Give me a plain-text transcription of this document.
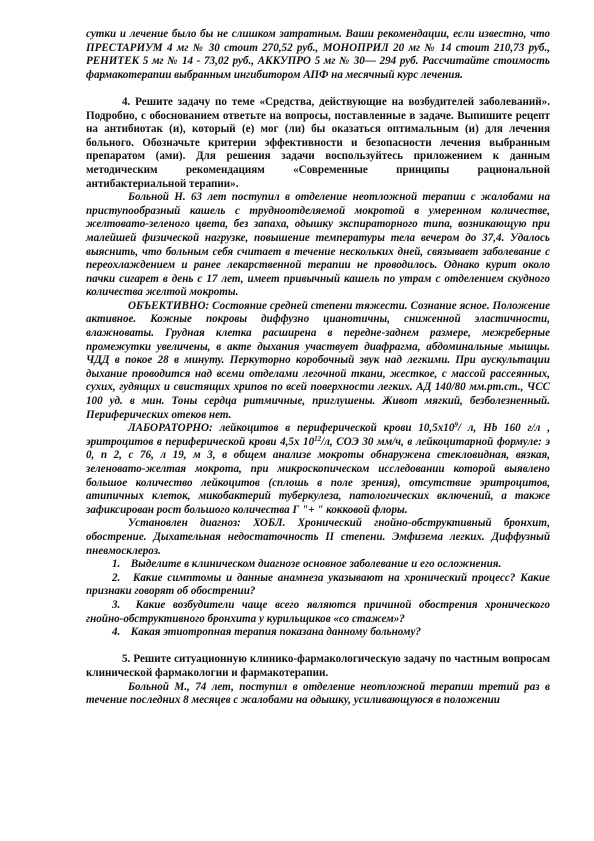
сутки и лечение было бы не слишком затратным. Ваши рекомендации, если известно, что ПРЕСТАРИУМ 4 мг № 30 стоит 270,52 руб., МОНОПРИЛ 20 мг № 14 стоит 210,73 руб., РЕНИТЕК 5 мг № 14 - 73,02 руб., АККУПРО 5 мг № 30— 294 руб. Рассчитайте стоимость фармакотерапии выбранным ингибитором АПФ на месячный курс лечения.

4. Решите задачу по теме «Средства, действующие на возбудителей заболеваний». Подробно, с обоснованием ответьте на вопросы, поставленные в задаче. Выпишите рецепт на антибиотак (и), который (е) мог (ли) бы оказаться оптимальным (и) для лечения больного. Обозначьте критерии эффективности и безопасности лечения выбранным препаратом (ами). Для решения задачи воспользуйтесь приложением к данным методическим рекомендациям «Современные принципы рациональной антибактериальной терапии».

Больной Н. 63 лет поступил в отделение неотложной терапии с жалобами на приступообразный кашель с трудноотделяемой мокротой в умеренном количестве, желтовато-зеленого цвета, без запаха, одышку экспираторного типа, возникающую при малейшей физической нагрузке, повышение температуры тела вечером до 37,4. Удалось выяснить, что больным себя считает в течение нескольких дней, связывает заболевание с переохлаждением и ранее лекарственной терапии не проводилось. Однако курит около пачки сигарет в день с 17 лет, имеет привычный кашель по утрам с отделением скудного количества желтой мокроты.

ОБЪЕКТИВНО: Состояние средней степени тяжести. Сознание ясное. Положение активное. Кожные покровы диффузно цианотичны, сниженной эластичности, влажноваты. Грудная клетка расширена в передне-заднем размере, межреберные промежутки увеличены, в акте дыхания участвует диафрагма, абдоминальные мышцы. ЧДД в покое 28 в минуту. Перкуторно коробочный звук над легкими. При аускультации дыхание проводится над всеми отделами легочной ткани, жесткое, с массой рассеянных, сухих, гудящих и свистящих хрипов по всей поверхности легких. АД 140/80 мм.рт.ст., ЧСС 100 уд. в мин. Тоны сердца ритмичные, приглушены. Живот мягкий, безболезненный. Периферических отеков нет.

ЛАБОРАТОРНО: лейкоцитов в периферической крови $10,5х10^9/$ л, Hb 160 г/л , эритроцитов в периферической крови 4,5х $10^{12}/л$, СОЭ 30 мм/ч, в лейкоцитарной формуле: э 0, п 2, с 76, л 19, м 3, в общем анализе мокроты обнаружена стекловидная, вязкая, зеленовато-желтая мокрота, при микроскопическом исследовании которой выявлено большое количество лейкоцитов (сплошь в поле зрения), отсутствие эритроцитов, атипичных клеток, микобактерий туберкулеза, патологических включений, а также зафиксирован рост большого количества Г "+ " кокковой флоры.

Установлен диагноз: ХОБЛ. Хронический гнойно-обструктивный бронхит, обострение. Дыхательная недостаточность II степени. Эмфизема легких. Диффузный пневмосклероз.

1. Выделите в клиническом диагнозе основное заболевание и его осложнения.

2. Какие симптомы и данные анамнеза указывают на хронический процесс? Какие признаки говорят об обострении?

3. Какие возбудители чаще всего являются причиной обострения хронического гнойно-обструктивного бронхита у курильщиков «со стажем»?

4. Какая этиотропная терапия показана данному больному?

5. Решите ситуационную клинико-фармакологическую задачу по частным вопросам клинической фармакологии и фармакотерапии.

Больной М., 74 лет, поступил в отделение неотложной терапии третий раз в течение последних 8 месяцев с жалобами на одышку, усиливающуюся в положении
